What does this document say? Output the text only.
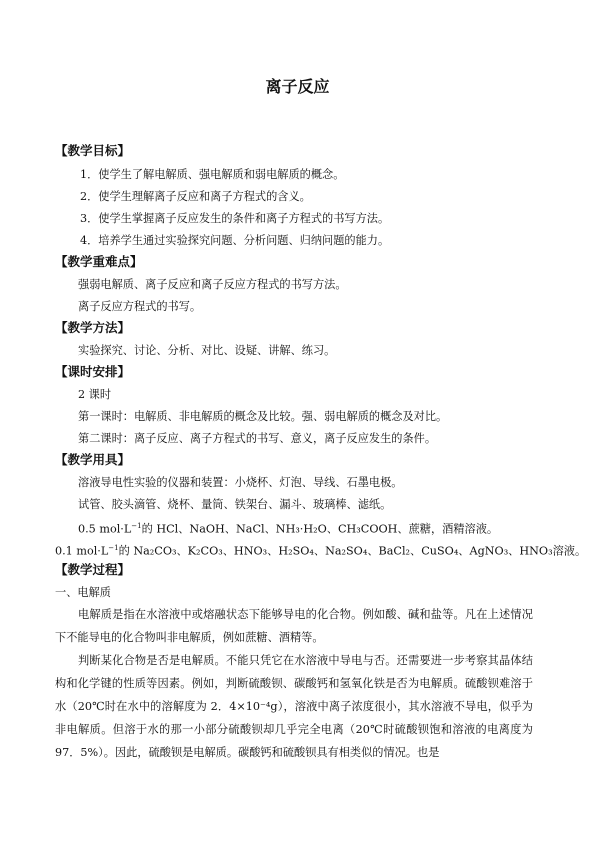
离子反应
【教学目标】
1．使学生了解电解质、强电解质和弱电解质的概念。
2．使学生理解离子反应和离子方程式的含义。
3．使学生掌握离子反应发生的条件和离子方程式的书写方法。
4．培养学生通过实验探究问题、分析问题、归纳问题的能力。
【教学重难点】
强弱电解质、离子反应和离子反应方程式的书写方法。
离子反应方程式的书写。
【教学方法】
实验探究、讨论、分析、对比、设疑、讲解、练习。
【课时安排】
2 课时
第一课时：电解质、非电解质的概念及比较。强、弱电解质的概念及对比。
第二课时：离子反应、离子方程式的书写、意义，离子反应发生的条件。
【教学用具】
溶液导电性实验的仪器和装置：小烧杯、灯泡、导线、石墨电极。
试管、胶头滴管、烧杯、量筒、铁架台、漏斗、玻璃棒、滤纸。
0.5 $mol\cdot L^{-1}$的 HCl、NaOH、NaCl、NH₃·H₂O、CH₃COOH、蔗糖，酒精溶液。
0.1 $mol\cdot L^{-1}$的 Na₂CO₃、K₂CO₃、HNO₃、H₂SO₄、Na₂SO₄、BaCl₂、CuSO₄、AgNO₃、HNO₃溶液。
【教学过程】
一、电解质
电解质是指在水溶液中或熔融状态下能够导电的化合物。例如酸、碱和盐等。凡在上述情况下不能导电的化合物叫非电解质，例如蔗糖、酒精等。
判断某化合物是否是电解质。不能只凭它在水溶液中导电与否。还需要进一步考察其晶体结构和化学键的性质等因素。例如，判断硫酸钡、碳酸钙和氢氧化铁是否为电解质。硫酸钡难溶于水（20℃时在水中的溶解度为 2．4×10⁻⁴g），溶液中离子浓度很小，其水溶液不导电，似乎为非电解质。但溶于水的那一小部分硫酸钡却几乎完全电离（20℃时硫酸钡饱和溶液的电离度为 97．5%）。因此，硫酸钡是电解质。碳酸钙和硫酸钡具有相类似的情况。也是
